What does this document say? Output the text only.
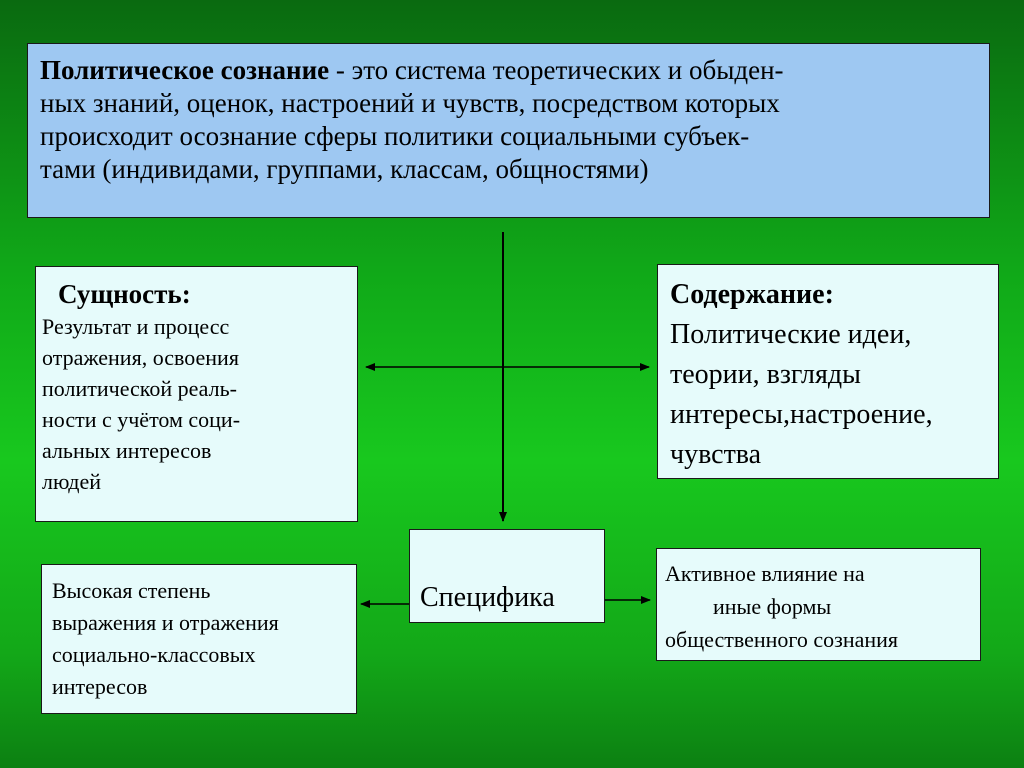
Политическое сознание - это система теоретических и обыден-
ных знаний, оценок, настроений и чувств, посредством которых
происходит осознание сферы политики социальными субъек-
тами (индивидами, группами, классам, общностями)
Сущность:
Результат и процесс
отражения, освоения
политической реаль-
ности с учётом соци-
альных интересов
людей
Содержание:
Политические идеи,
теории, взгляды
интересы,настроение,
чувства
Специфика
Высокая степень
выражения и отражения
социально-классовых
интересов
Активное влияние на
иные формы
общественного сознания
